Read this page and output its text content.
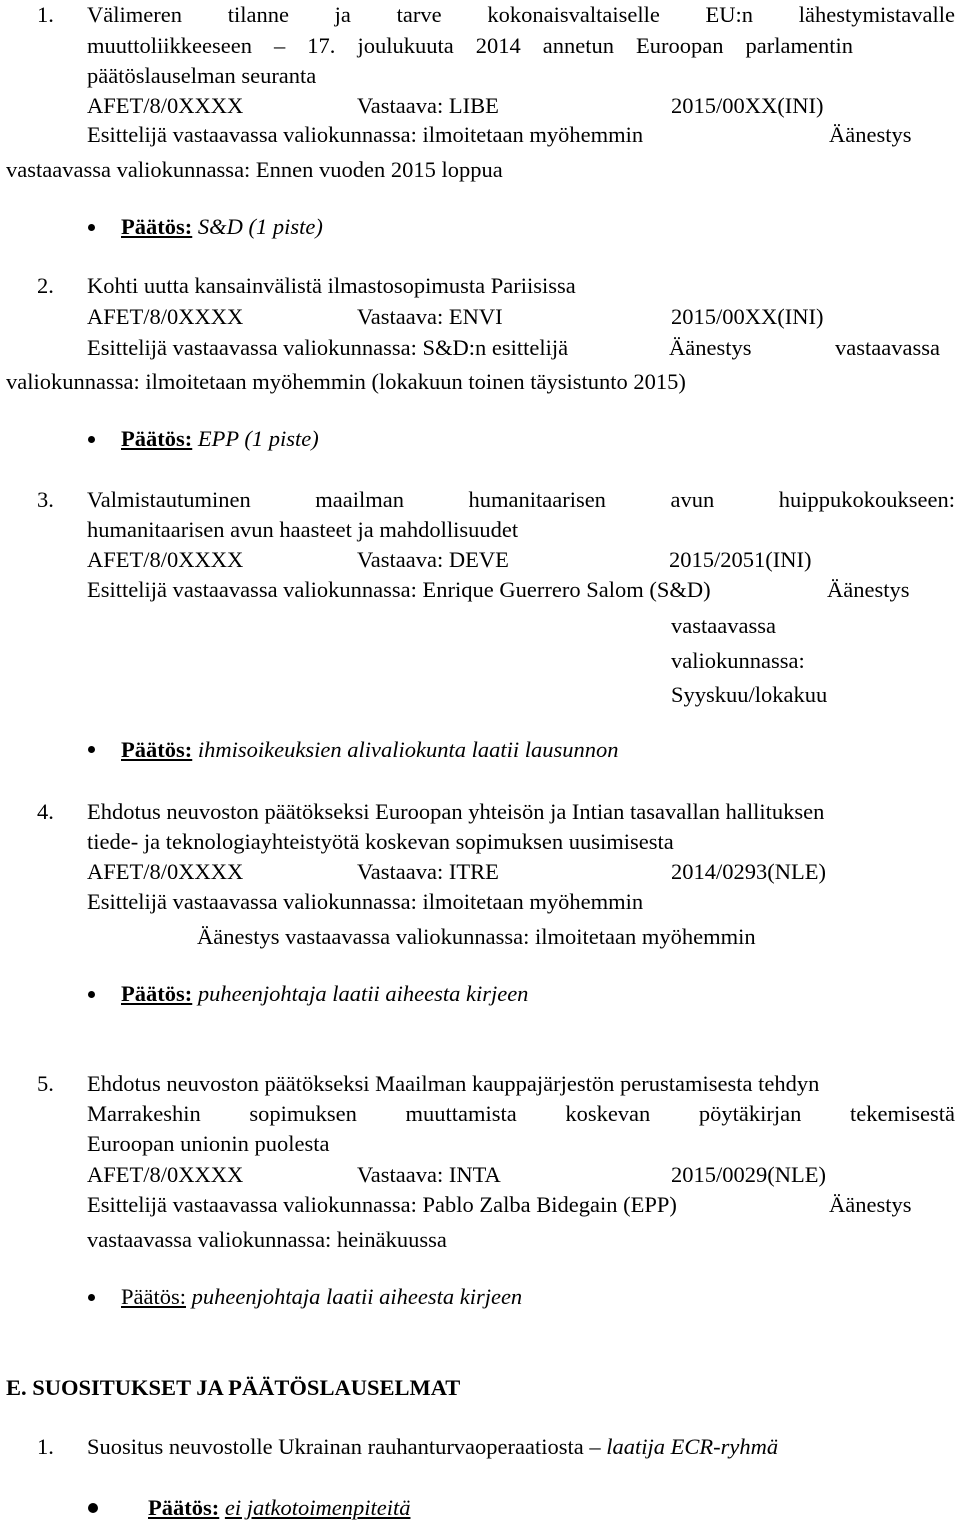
1. Välimeren tilanne ja tarve kokonaisvaltaiselle EU:n lähestymistavalle
muuttoliikkeeseen – 17. joulukuuta 2014 annetun Euroopan parlamentin
päätöslauselman seuranta
AFET/8/0XXXX	Vastaava: LIBE	2015/00XX(INI)
Esittelijä vastaavassa valiokunnassa: ilmoitetaan myöhemmin	Äänestys
vastaavassa valiokunnassa: Ennen vuoden 2015 loppua
Päätös: S&D (1 piste)
2. Kohti uutta kansainvälistä ilmastosopimusta Pariisissa
AFET/8/0XXXX	Vastaava: ENVI	2015/00XX(INI)
Esittelijä vastaavassa valiokunnassa: S&D:n esittelijä	Äänestys	vastaavassa
valiokunnassa: ilmoitetaan myöhemmin (lokakuun toinen täysistunto 2015)
Päätös: EPP (1 piste)
3. Valmistautuminen	maailman	humanitaarisen	avun	huippukokoukseen:
humanitaarisen avun haasteet ja mahdollisuudet
AFET/8/0XXXX	Vastaava: DEVE	2015/2051(INI)
Esittelijä vastaavassa valiokunnassa: Enrique Guerrero Salom (S&D)	Äänestys
vastaavassa
valiokunnassa:
Syyskuu/lokakuu
Päätös: ihmisoikeuksien alivaliokunta laatii lausunnon
4. Ehdotus neuvoston päätökseksi Euroopan yhteisön ja Intian tasavallan hallituksen
tiede- ja teknologiayhteistyötä koskevan sopimuksen uusimisesta
AFET/8/0XXXX	Vastaava: ITRE	2014/0293(NLE)
Esittelijä vastaavassa valiokunnassa: ilmoitetaan myöhemmin
Äänestys vastaavassa valiokunnassa: ilmoitetaan myöhemmin
Päätös: puheenjohtaja laatii aiheesta kirjeen
5. Ehdotus neuvoston päätökseksi Maailman kauppajärjestön perustamisesta tehdyn
Marrakeshin sopimuksen muuttamista koskevan pöytäkirjan tekemisestä
Euroopan unionin puolesta
AFET/8/0XXXX	Vastaava: INTA	2015/0029(NLE)
Esittelijä vastaavassa valiokunnassa: Pablo Zalba Bidegain (EPP)	Äänestys
vastaavassa valiokunnassa: heinäkuussa
Päätös: puheenjohtaja laatii aiheesta kirjeen
E. SUOSITUKSET JA PÄÄTÖSLAUSELMAT
1. Suositus neuvostolle Ukrainan rauhanturvaoperaatiosta – laatija ECR-ryhmä
Päätös: ei jatkotoimenpiteitä
